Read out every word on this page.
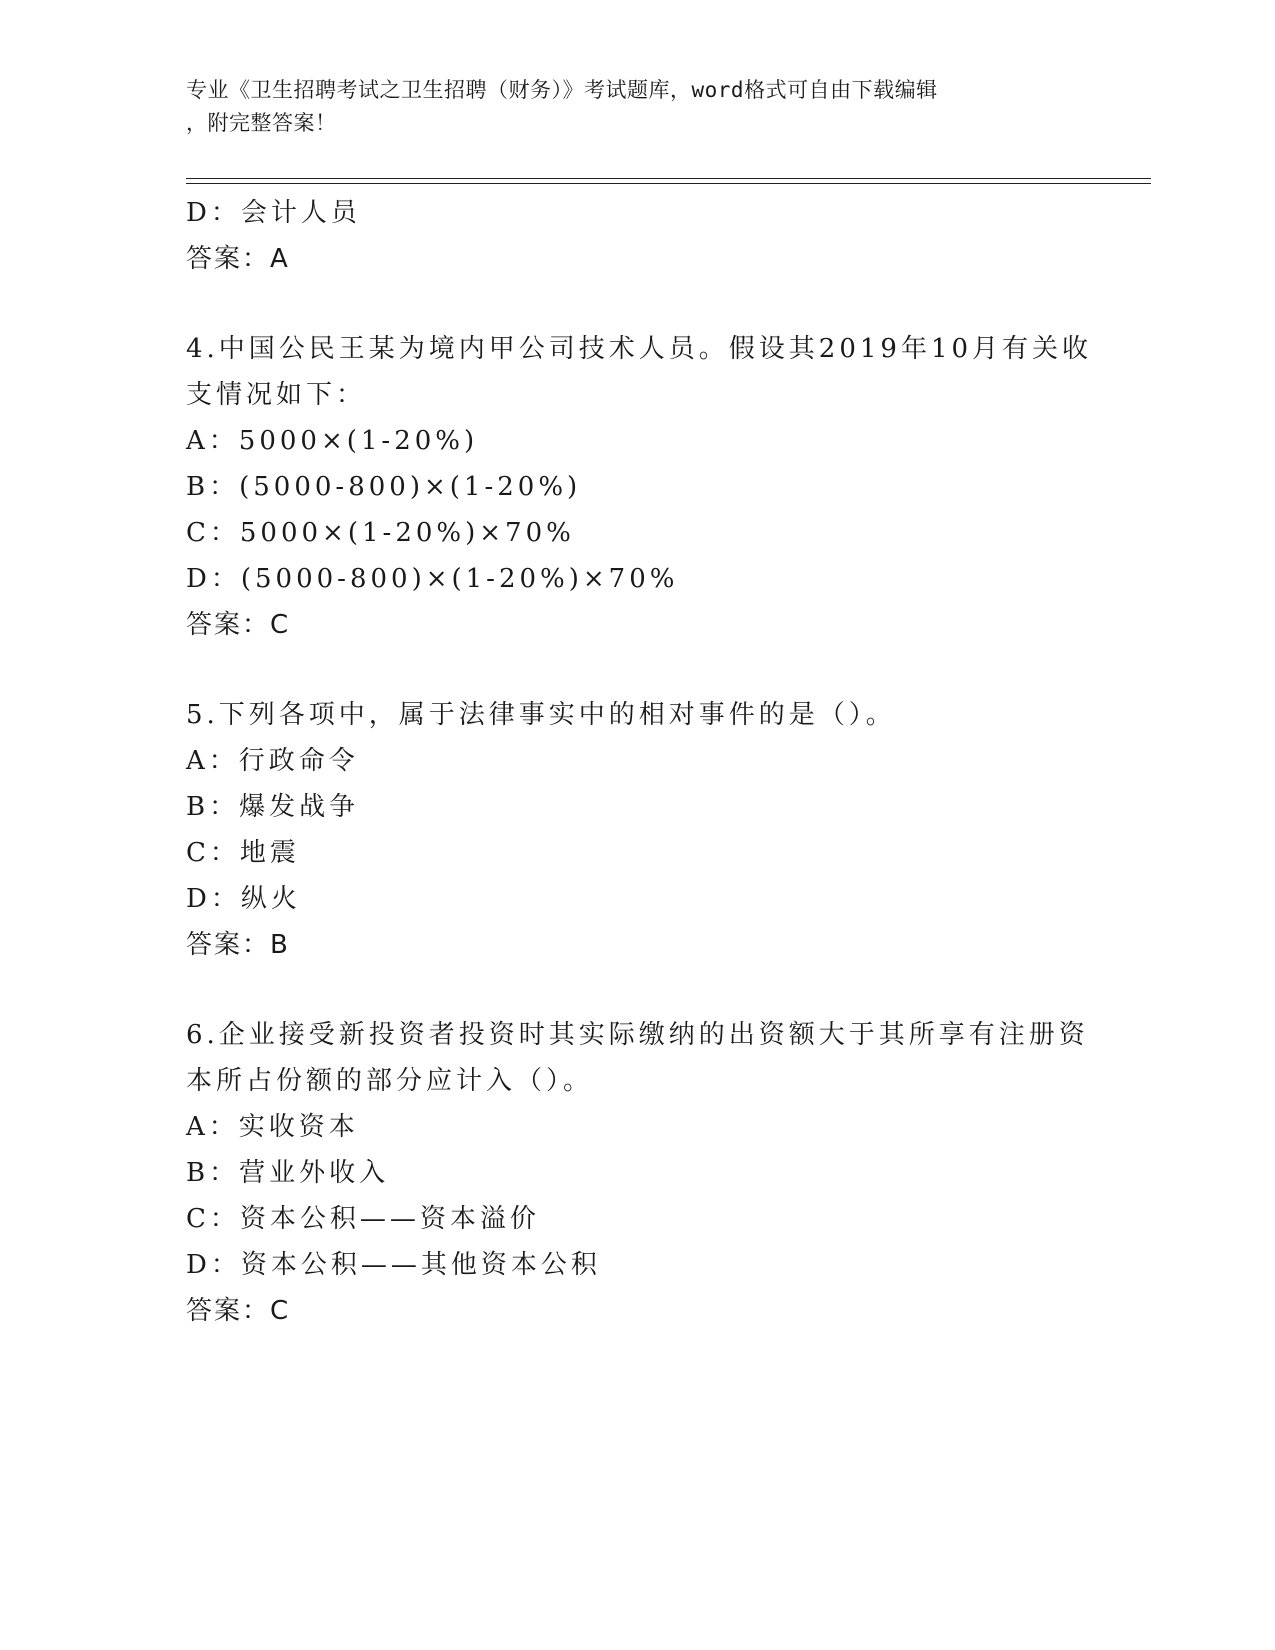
专业《卫生招聘考试之卫生招聘（财务）》考试题库，word格式可自由下载编辑
，附完整答案！
D：会计人员
答案：A
4.中国公民王某为境内甲公司技术人员。假设其2019年10月有关收
支情况如下：
A：5000×(1-20%)
B：(5000-800)×(1-20%)
C：5000×(1-20%)×70%
D：(5000-800)×(1-20%)×70%
答案：C
5.下列各项中，属于法律事实中的相对事件的是（）。
A：行政命令
B：爆发战争
C：地震
D：纵火
答案：B
6.企业接受新投资者投资时其实际缴纳的出资额大于其所享有注册资
本所占份额的部分应计入（）。
A：实收资本
B：营业外收入
C：资本公积——资本溢价
D：资本公积——其他资本公积
答案：C
